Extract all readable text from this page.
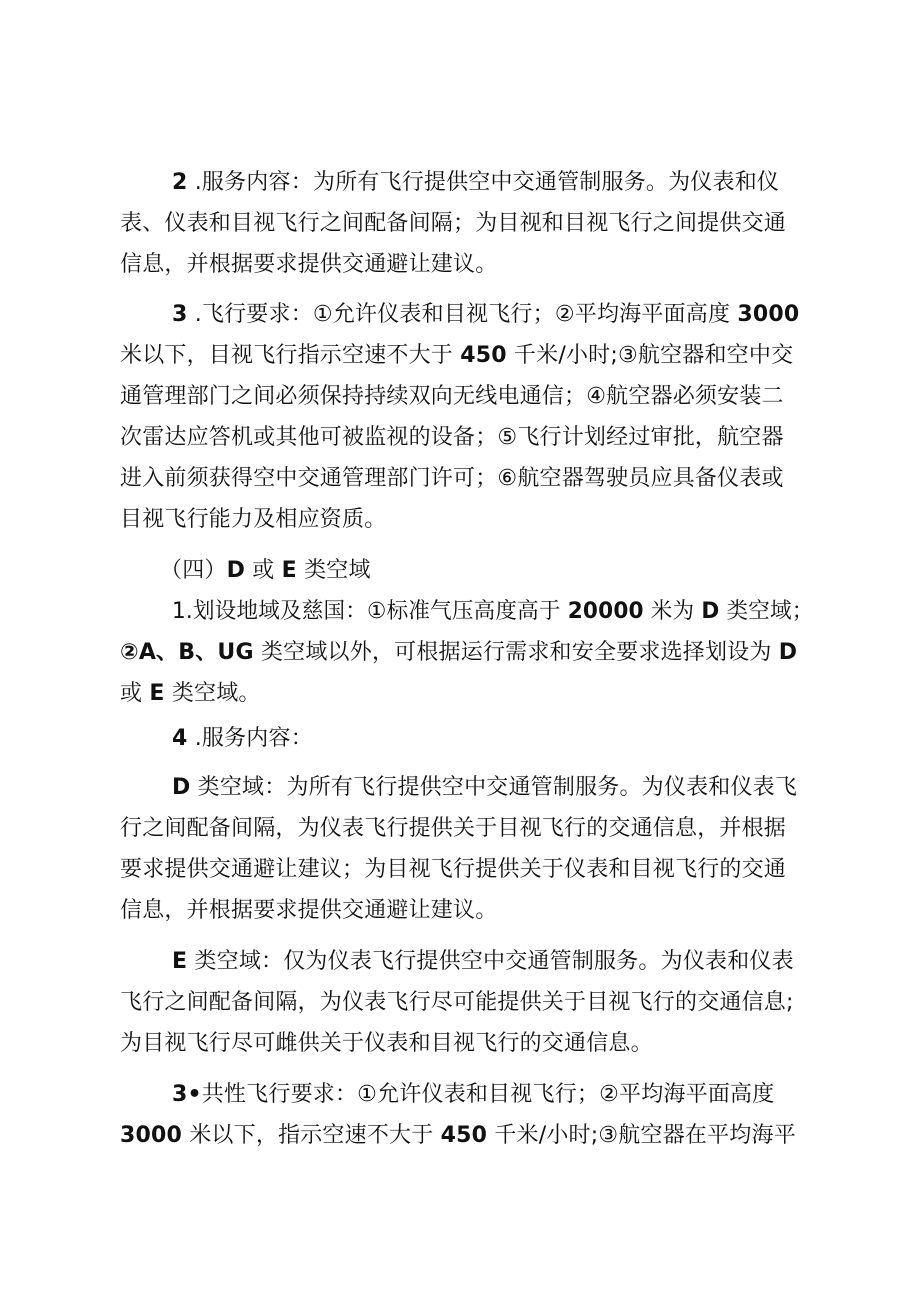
2 .服务内容：为所有飞行提供空中交通管制服务。为仪表和仪
表、仪表和目视飞行之间配备间隔；为目视和目视飞行之间提供交通
信息，并根据要求提供交通避让建议。
3 .飞行要求：①允许仪表和目视飞行；②平均海平面高度 3000
米以下，目视飞行指示空速不大于 450 千米/小时;③航空器和空中交
通管理部门之间必须保持持续双向无线电通信；④航空器必须安装二
次雷达应答机或其他可被监视的设备；⑤飞行计划经过审批，航空器
进入前须获得空中交通管理部门许可；⑥航空器驾驶员应具备仪表或
目视飞行能力及相应资质。
（四）D 或 E 类空域
1.划设地域及慈国：①标准气压高度高于 20000 米为 D 类空域；
②A、B、UG 类空域以外，可根据运行需求和安全要求选择划设为 D
或 E 类空域。
4 .服务内容：
D 类空域：为所有飞行提供空中交通管制服务。为仪表和仪表飞
行之间配备间隔，为仪表飞行提供关于目视飞行的交通信息，并根据
要求提供交通避让建议；为目视飞行提供关于仪表和目视飞行的交通
信息，并根据要求提供交通避让建议。
E 类空域：仅为仪表飞行提供空中交通管制服务。为仪表和仪表
飞行之间配备间隔，为仪表飞行尽可能提供关于目视飞行的交通信息;
为目视飞行尽可雌供关于仪表和目视飞行的交通信息。
3•共性飞行要求：①允许仪表和目视飞行；②平均海平面高度
3000 米以下，指示空速不大于 450 千米/小时;③航空器在平均海平
